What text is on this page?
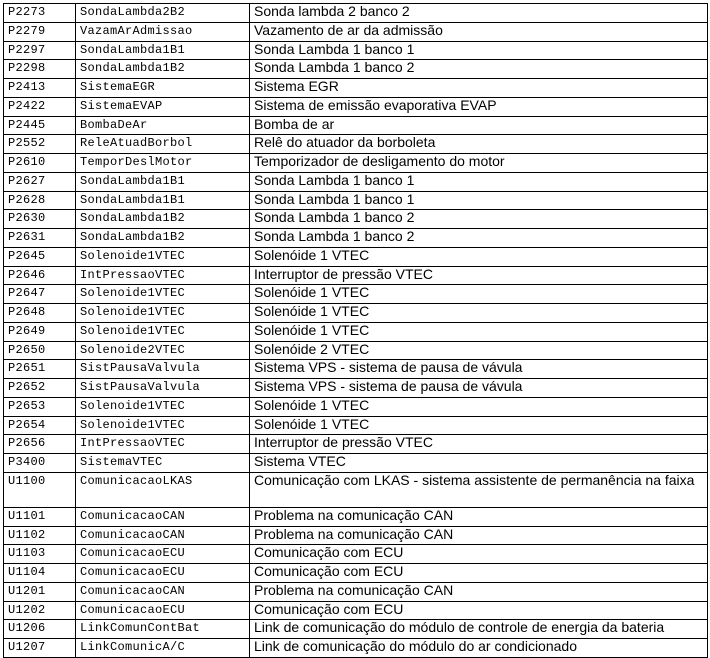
P2273	SondaLambda2B2	Sonda lambda 2 banco 2
P2279	VazamArAdmissao	Vazamento de ar da admissão
P2297	SondaLambda1B1	Sonda Lambda 1 banco 1
P2298	SondaLambda1B2	Sonda Lambda 1 banco 2
P2413	SistemaEGR	Sistema EGR
P2422	SistemaEVAP	Sistema de emissão evaporativa EVAP
P2445	BombaDeAr	Bomba de ar
P2552	ReleAtuadBorbol	Relê do atuador da borboleta
P2610	TemporDeslMotor	Temporizador de desligamento do motor
P2627	SondaLambda1B1	Sonda Lambda 1 banco 1
P2628	SondaLambda1B1	Sonda Lambda 1 banco 1
P2630	SondaLambda1B2	Sonda Lambda 1 banco 2
P2631	SondaLambda1B2	Sonda Lambda 1 banco 2
P2645	Solenoide1VTEC	Solenóide 1 VTEC
P2646	IntPressaoVTEC	Interruptor de pressão VTEC
P2647	Solenoide1VTEC	Solenóide 1 VTEC
P2648	Solenoide1VTEC	Solenóide 1 VTEC
P2649	Solenoide1VTEC	Solenóide 1 VTEC
P2650	Solenoide2VTEC	Solenóide 2 VTEC
P2651	SistPausaValvula	Sistema VPS - sistema de pausa de vávula
P2652	SistPausaValvula	Sistema VPS - sistema de pausa de vávula
P2653	Solenoide1VTEC	Solenóide 1 VTEC
P2654	Solenoide1VTEC	Solenóide 1 VTEC
P2656	IntPressaoVTEC	Interruptor de pressão VTEC
P3400	SistemaVTEC	Sistema VTEC
U1100	ComunicacaoLKAS	Comunicação com LKAS - sistema assistente de permanência na faixa
U1101	ComunicacaoCAN	Problema na comunicação CAN
U1102	ComunicacaoCAN	Problema na comunicação CAN
U1103	ComunicacaoECU	Comunicação com ECU
U1104	ComunicacaoECU	Comunicação com ECU
U1201	ComunicacaoCAN	Problema na comunicação CAN
U1202	ComunicacaoECU	Comunicação com ECU
U1206	LinkComunContBat	Link de comunicação do módulo de controle de energia da bateria
U1207	LinkComunicA/C	Link de comunicação do módulo do ar condicionado
